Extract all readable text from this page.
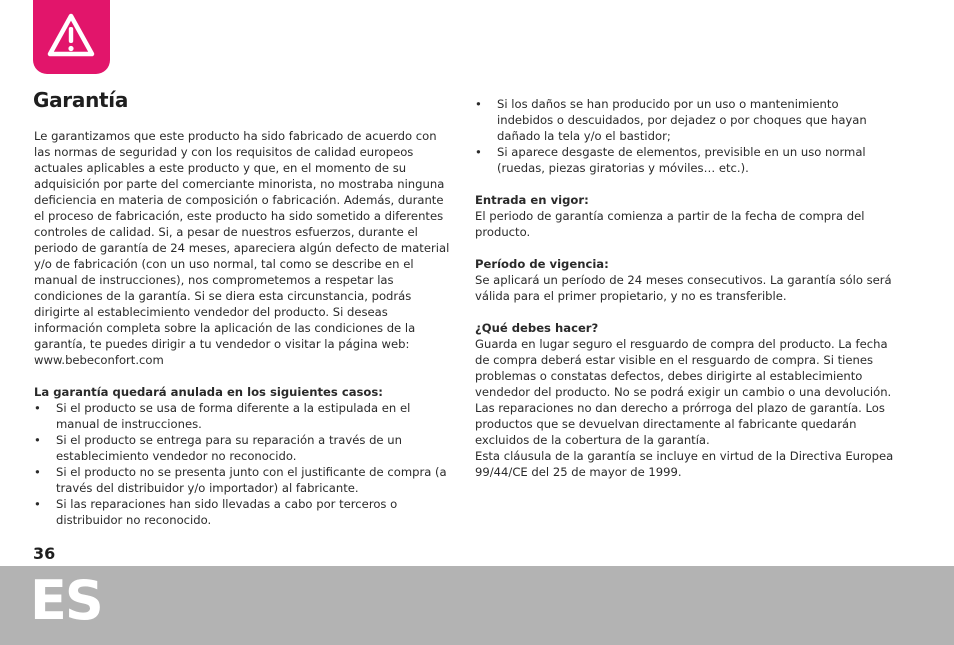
Garantía

Le garantizamos que este producto ha sido fabricado de acuerdo con las normas de seguridad y con los requisitos de calidad europeos actuales aplicables a este producto y que, en el momento de su adquisición por parte del comerciante minorista, no mostraba ninguna deficiencia en materia de composición o fabricación. Además, durante el proceso de fabricación, este producto ha sido sometido a diferentes controles de calidad. Si, a pesar de nuestros esfuerzos, durante el periodo de garantía de 24 meses, apareciera algún defecto de material y/o de fabricación (con un uso normal, tal como se describe en el manual de instrucciones), nos comprometemos a respetar las condiciones de la garantía. Si se diera esta circunstancia, podrás dirigirte al establecimiento vendedor del producto. Si deseas información completa sobre la aplicación de las condiciones de la garantía, te puedes dirigir a tu vendedor o visitar la página web: www.bebeconfort.com

La garantía quedará anulada en los siguientes casos:

• Si el producto se usa de forma diferente a la estipulada en el manual de instrucciones.
• Si el producto se entrega para su reparación a través de un establecimiento vendedor no reconocido.
• Si el producto no se presenta junto con el justificante de compra (a través del distribuidor y/o importador) al fabricante.
• Si las reparaciones han sido llevadas a cabo por terceros o distribuidor no reconocido.
• Si los daños se han producido por un uso o mantenimiento indebidos o descuidados, por dejadez o por choques que hayan dañado la tela y/o el bastidor;
• Si aparece desgaste de elementos, previsible en un uso normal (ruedas, piezas giratorias y móviles… etc.).

Entrada en vigor:

El periodo de garantía comienza a partir de la fecha de compra del producto.

Período de vigencia:

Se aplicará un período de 24 meses consecutivos. La garantía sólo será válida para el primer propietario, y no es transferible.

¿Qué debes hacer?

Guarda en lugar seguro el resguardo de compra del producto. La fecha de compra deberá estar visible en el resguardo de compra. Si tienes problemas o constatas defectos, debes dirigirte al establecimiento vendedor del producto. No se podrá exigir un cambio o una devolución. Las reparaciones no dan derecho a prórroga del plazo de garantía. Los productos que se devuelvan directamente al fabricante quedarán excluidos de la cobertura de la garantía.

Esta cláusula de la garantía se incluye en virtud de la Directiva Europea 99/44/CE del 25 de mayor de 1999.

36
ES
